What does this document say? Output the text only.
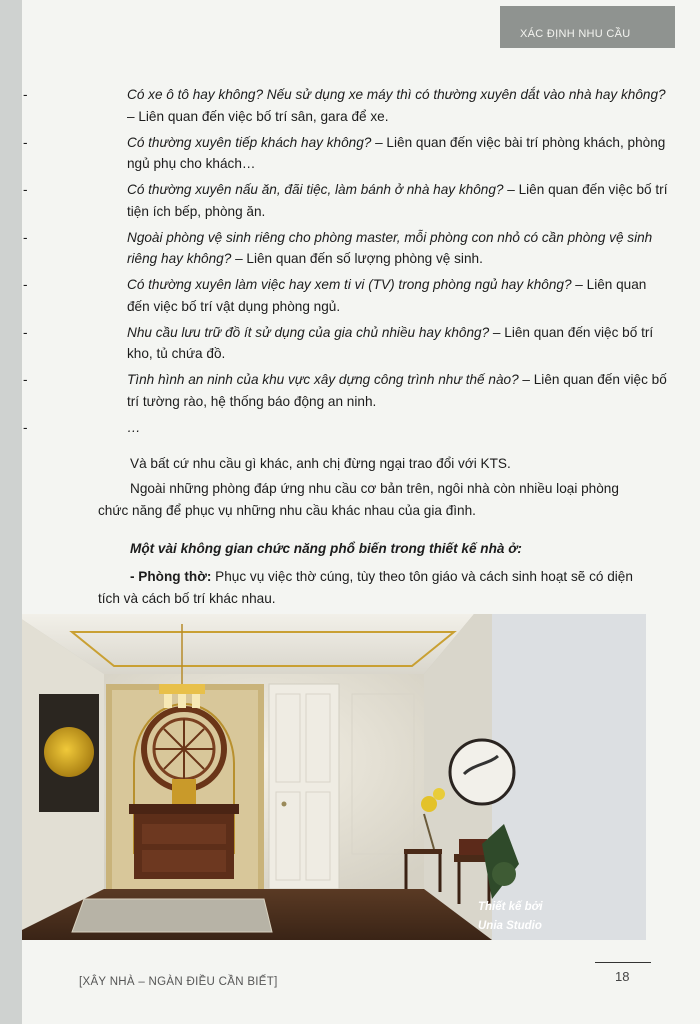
XÁC ĐỊNH NHU CẦU
-
Có xe ô tô hay không? Nếu sử dụng xe máy thì có thường xuyên dắt vào nhà hay không? – Liên quan đến việc bố trí sân, gara để xe.
-
Có thường xuyên tiếp khách hay không? – Liên quan đến việc bài trí phòng khách, phòng ngủ phụ cho khách…
-
Có thường xuyên nấu ăn, đãi tiệc, làm bánh ở nhà hay không? – Liên quan đến việc bố trí tiện ích bếp, phòng ăn.
-
Ngoài phòng vệ sinh riêng cho phòng master, mỗi phòng con nhỏ có cần phòng vệ sinh riêng hay không? – Liên quan đến số lượng phòng vệ sinh.
-
Có thường xuyên làm việc hay xem ti vi (TV) trong phòng ngủ hay không? – Liên quan đến việc bố trí vật dụng phòng ngủ.
-
Nhu cầu lưu trữ đồ ít sử dụng của gia chủ nhiều hay không? – Liên quan đến việc bố trí kho, tủ chứa đồ.
-
Tình hình an ninh của khu vực xây dựng công trình như thế nào? – Liên quan đến việc bố trí tường rào, hệ thống báo động an ninh.
-
…
Và bất cứ nhu cầu gì khác, anh chị đừng ngại trao đổi với KTS.
Ngoài những phòng đáp ứng nhu cầu cơ bản trên, ngôi nhà còn nhiều loại phòng chức năng để phục vụ những nhu cầu khác nhau của gia đình.
Một vài không gian chức năng phổ biến trong thiết kế nhà ở:
- Phòng thờ: Phục vụ việc thờ cúng, tùy theo tôn giáo và cách sinh hoạt sẽ có diện tích và cách bố trí khác nhau.
Thiết kế bởi
Unia Studio
[XÂY NHÀ – NGÀN ĐIỀU CẦN BIẾT]	18
